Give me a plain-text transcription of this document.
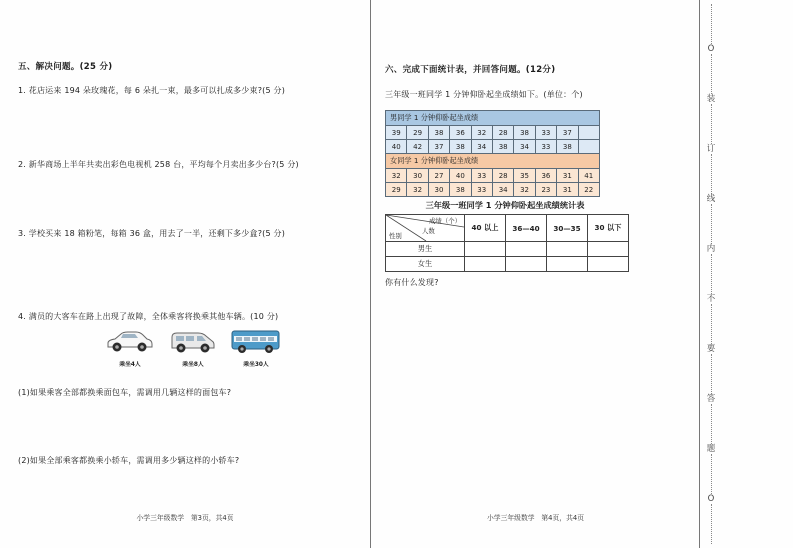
五、解决问题。(25 分)
1. 花店运来 194 朵玫瑰花，每 6 朵扎一束，最多可以扎成多少束?(5 分)
2. 新华商场上半年共卖出彩色电视机 258 台，平均每个月卖出多少台?(5 分)
3. 学校买来 18 箱粉笔，每箱 36 盒，用去了一半，还剩下多少盒?(5 分)
4. 满员的大客车在路上出现了故障，全体乘客将换乘其他车辆。(10 分)
乘坐4人	乘坐8人	乘坐30人
(1)如果乘客全部都换乘面包车，需调用几辆这样的面包车?
(2)如果全部乘客都换乘小轿车，需调用多少辆这样的小轿车?
小学三年级数学　第3页，共4页
六、完成下面统计表，并回答问题。(12分)
三年级一班同学 1 分钟仰卧起坐成绩如下。(单位：个)
男同学 1 分钟仰卧起坐成绩									
39	29	38	36	32	28	38	33	37	
40	42	37	38	34	38	34	33	38	
女同学 1 分钟仰卧起坐成绩									
32	30	27	40	33	28	35	36	31	41
29	32	30	38	33	34	32	23	31	22
三年级一班同学 1 分钟仰卧起坐成绩统计表
成绩（个）
人数
性别	40 以上	36—40	30—35	30 以下
男生				
女生				
你有什么发现?
小学三年级数学　第4页，共4页
O
装
订
线
内
不
要
答
题
O
